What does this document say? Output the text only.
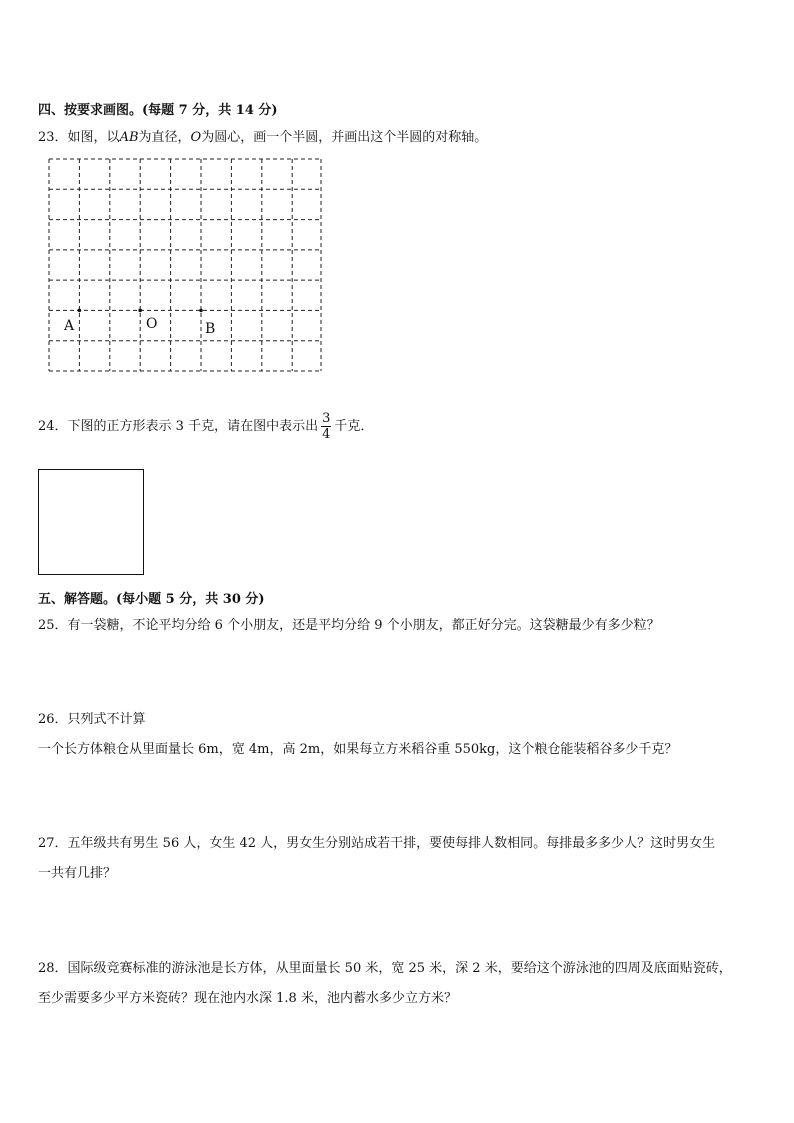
四、按要求画图。(每题 7 分，共 14 分)
23．如图，以AB为直径，O为圆心，画一个半圆，并画出这个半圆的对称轴。
A	O	B
24．下图的正方形表示 3 千克，请在图中表示出 $\frac{3}{4}$ 千克．
五、解答题。(每小题 5 分，共 30 分)
25．有一袋糖，不论平均分给 6 个小朋友，还是平均分给 9 个小朋友，都正好分完。这袋糖最少有多少粒？
26．只列式不计算
一个长方体粮仓从里面量长 6m，宽 4m，高 2m，如果每立方米稻谷重 550kg，这个粮仓能装稻谷多少千克？
27．五年级共有男生 56 人，女生 42 人，男女生分别站成若干排，要使每排人数相同。每排最多多少人？这时男女生
一共有几排？
28．国际级竞赛标准的游泳池是长方体，从里面量长 50 米，宽 25 米，深 2 米，要给这个游泳池的四周及底面贴瓷砖，
至少需要多少平方米瓷砖？现在池内水深 1.8 米，池内蓄水多少立方米？
